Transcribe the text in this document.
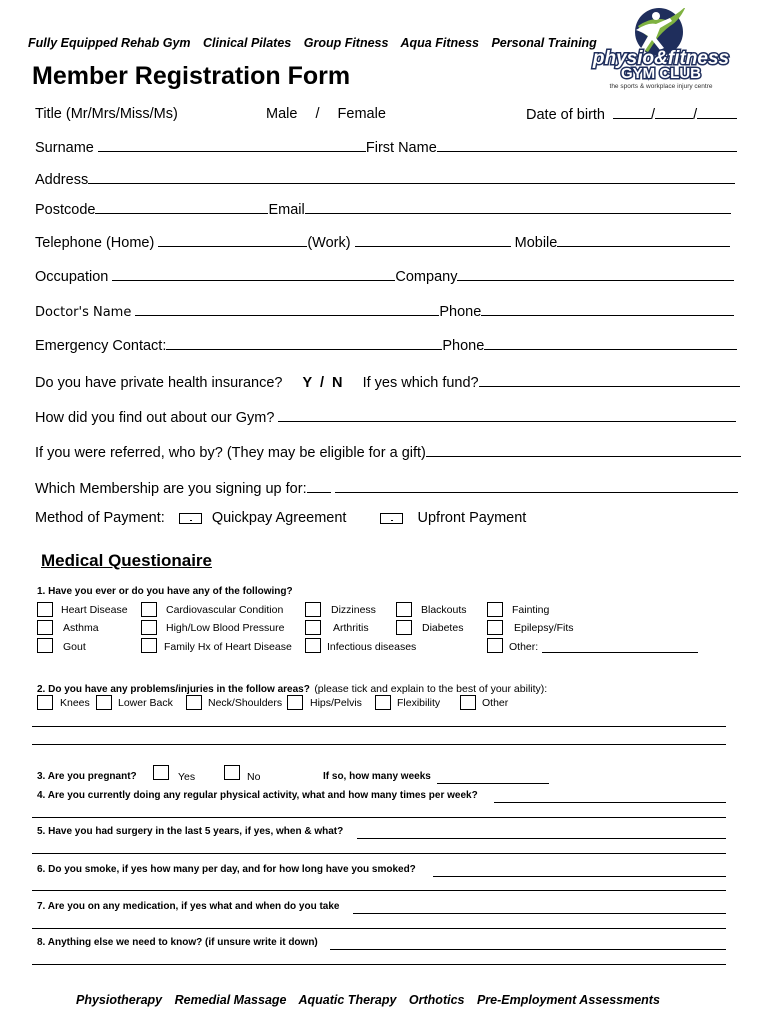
Fully Equipped Rehab Gym Clinical Pilates Group Fitness Aqua Fitness Personal Training
Member Registration Form
physio&fitness
GYM CLUB
the sports & workplace injury centre
Title (Mr/Mrs/Miss/Ms)	Male / Female	Date of birth	/	/
Surname	First Name
Address
Postcode	Email
Telephone (Home)	(Work)	Mobile
Occupation	Company
Doctor's Name	Phone
Emergency Contact:	Phone
Do you have private health insurance? Y  /  N If yes which fund?
How did you find out about our Gym?
If you were referred, who by? (They may be eligible for a gift)
Which Membership are you signing up for:
Method of Payment:	Quickpay Agreement	Upfront Payment
Medical Questionaire
1. Have you ever or do you have any of the following?
Heart Disease	Cardiovascular Condition	Dizziness	Blackouts	Fainting
Asthma	High/Low Blood Pressure	Arthritis	Diabetes	Epilepsy/Fits
Gout	Family Hx of Heart Disease	Infectious diseases	Other:
2. Do you have any problems/injuries in the follow areas? (please tick and explain to the best of your ability):
Knees	Lower Back	Neck/Shoulders	Hips/Pelvis	Flexibility	Other
3. Are you pregnant?	Yes	No	If so, how many weeks
4. Are you currently doing any regular physical activity, what and how many times per week?
5. Have you had surgery in the last 5 years, if yes, when & what?
6. Do you smoke, if yes how many per day, and for how long have you smoked?
7. Are you on any medication, if yes what and when do you take
8. Anything else we need to know? (if unsure write it down)
Physiotherapy Remedial Massage Aquatic Therapy Orthotics Pre-Employment Assessments
